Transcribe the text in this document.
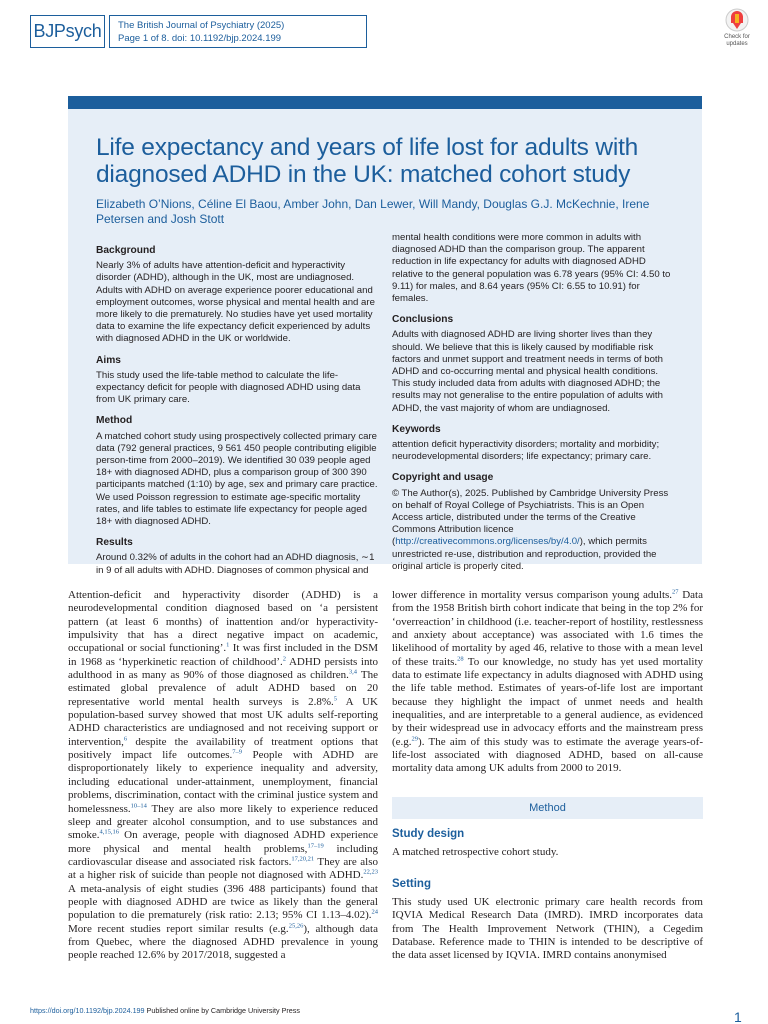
BJPsych The British Journal of Psychiatry (2025)
Page 1 of 8. doi: 10.1192/bjp.2024.199	Check for
updates
Life expectancy and years of life lost for adults with diagnosed ADHD in the UK: matched cohort study
Elizabeth O’Nions, Céline El Baou, Amber John, Dan Lewer, Will Mandy, Douglas G.J. McKechnie, Irene Petersen and Josh Stott
Background

Nearly 3% of adults have attention-deficit and hyperactivity disorder (ADHD), although in the UK, most are undiagnosed. Adults with ADHD on average experience poorer educational and employment outcomes, worse physical and mental health and are more likely to die prematurely. No studies have yet used mortality data to examine the life expectancy deficit experienced by adults with diagnosed ADHD in the UK or worldwide.

Aims

This study used the life-table method to calculate the life-expectancy deficit for people with diagnosed ADHD using data from UK primary care.

Method

A matched cohort study using prospectively collected primary care data (792 general practices, 9 561 450 people contributing eligible person-time from 2000–2019). We identified 30 039 people aged 18+ with diagnosed ADHD, plus a comparison group of 300 390 participants matched (1:10) by age, sex and primary care practice. We used Poisson regression to estimate age-specific mortality rates, and life tables to estimate life expectancy for people aged 18+ with diagnosed ADHD.

Results

Around 0.32% of adults in the cohort had an ADHD diagnosis, ∼1 in 9 of all adults with ADHD. Diagnoses of common physical and

mental health conditions were more common in adults with diagnosed ADHD than the comparison group. The apparent reduction in life expectancy for adults with diagnosed ADHD relative to the general population was 6.78 years (95% CI: 4.50 to 9.11) for males, and 8.64 years (95% CI: 6.55 to 10.91) for females.

Conclusions

Adults with diagnosed ADHD are living shorter lives than they should. We believe that this is likely caused by modifiable risk factors and unmet support and treatment needs in terms of both ADHD and co-occurring mental and physical health conditions. This study included data from adults with diagnosed ADHD; the results may not generalise to the entire population of adults with ADHD, the vast majority of whom are undiagnosed.

Keywords

attention deficit hyperactivity disorders; mortality and morbidity; neurodevelopmental disorders; life expectancy; primary care.

Copyright and usage

© The Author(s), 2025. Published by Cambridge University Press on behalf of Royal College of Psychiatrists. This is an Open Access article, distributed under the terms of the Creative Commons Attribution licence (http://creativecommons.org/licenses/by/4.0/), which permits unrestricted re-use, distribution and reproduction, provided the original article is properly cited.

Attention-deficit and hyperactivity disorder (ADHD) is a neurodevelopmental condition diagnosed based on ‘a persistent pattern (at least 6 months) of inattention and/or hyperactivity-impulsivity that has a direct negative impact on academic, occupational or social functioning’.$^1$ It was first included in the DSM in 1968 as ‘hyperkinetic reaction of childhood’.$^2$ ADHD persists into adulthood in as many as 90% of those diagnosed as children.$^{3,4}$ The estimated global prevalence of adult ADHD based on 20 representative world mental health surveys is 2.8%.$^5$ A UK population-based survey showed that most UK adults self-reporting ADHD characteristics are undiagnosed and not receiving support or intervention,$^6$ despite the availability of treatment options that positively impact life outcomes.$^{7-9}$ People with ADHD are disproportionately likely to experience inequality and adversity, including educational under-attainment, unemployment, financial problems, discrimination, contact with the criminal justice system and homelessness.$^{10-14}$ They are also more likely to experience reduced sleep and greater alcohol consumption, and to use substances and smoke.$^{4,15,16}$ On average, people with diagnosed ADHD experience more physical and mental health problems,$^{17-19}$ including cardiovascular disease and associated risk factors.$^{17,20,21}$ They are also at a higher risk of suicide than people not diagnosed with ADHD.$^{22,23}$ A meta-analysis of eight studies (396 488 participants) found that people with diagnosed ADHD are twice as likely than the general population to die prematurely (risk ratio: 2.13; 95% CI 1.13–4.02).$^{24}$ More recent studies report similar results (e.g.$^{25,26}$), although data from Quebec, where the diagnosed ADHD prevalence in young people reached 12.6% by 2017/2018, suggested a
lower difference in mortality versus comparison young adults.$^{27}$ Data from the 1958 British birth cohort indicate that being in the top 2% for ‘overreaction’ in childhood (i.e. teacher-report of hostility, restlessness and anxiety about acceptance) was associated with 1.6 times the likelihood of mortality by aged 46, relative to those with a mean level of these traits.$^{28}$ To our knowledge, no study has yet used mortality data to estimate life expectancy in adults diagnosed with ADHD using the life table method. Estimates of years-of-life lost are important because they highlight the impact of unmet needs and health inequalities, and are interpretable to a general audience, as evidenced by their widespread use in advocacy efforts and the mainstream press (e.g.$^{29}$). The aim of this study was to estimate the average years-of-life-lost associated with diagnosed ADHD, based on all-cause mortality data among UK adults from 2000 to 2019.
Method
Study design
A matched retrospective cohort study.
Setting
This study used UK electronic primary care health records from IQVIA Medical Research Data (IMRD). IMRD incorporates data from The Health Improvement Network (THIN), a Cegedim Database. Reference made to THIN is intended to be descriptive of the data asset licensed by IQVIA. IMRD contains anonymised
https://doi.org/10.1192/bjp.2024.199 Published online by Cambridge University Press	1
